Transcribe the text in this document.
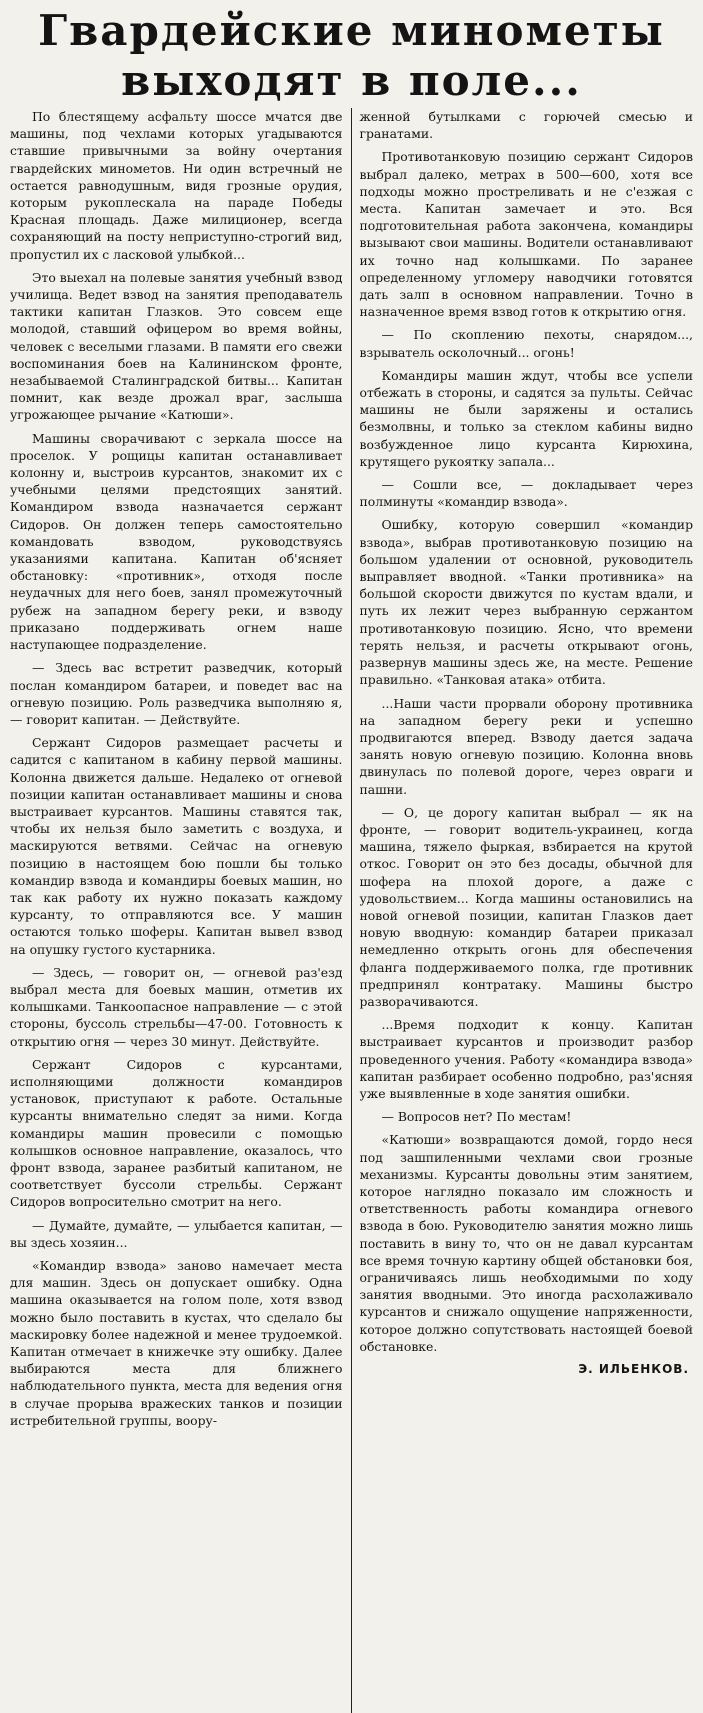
Гвардейские минометы
выходят в поле...

По блестящему асфальту шоссе мчатся две машины, под чехлами которых угадываются ставшие привычными за войну очертания гвардейских минометов. Ни один встречный не остается равнодушным, видя грозные орудия, которым рукоплескала на параде Победы Красная площадь. Даже милиционер, всегда сохраняющий на посту неприступно-строгий вид, пропустил их с ласковой улыбкой...

Это выехал на полевые занятия учебный взвод училища. Ведет взвод на занятия преподаватель тактики капитан Глазков. Это совсем еще молодой, ставший офицером во время войны, человек с веселыми глазами. В памяти его свежи воспоминания боев на Калининском фронте, незабываемой Сталинградской битвы... Капитан помнит, как везде дрожал враг, заслыша угрожающее рычание «Катюши».

Машины сворачивают с зеркала шоссе на проселок. У рощицы капитан останавливает колонну и, выстроив курсантов, знакомит их с учебными целями предстоящих занятий. Командиром взвода назначается сержант Сидоров. Он должен теперь самостоятельно командовать взводом, руководствуясь указаниями капитана. Капитан об'ясняет обстановку: «противник», отходя после неудачных для него боев, занял промежуточный рубеж на западном берегу реки, и взводу приказано поддерживать огнем наше наступающее подразделение.

— Здесь вас встретит разведчик, который послан командиром батареи, и поведет вас на огневую позицию. Роль разведчика выполняю я, — говорит капитан. — Действуйте.

Сержант Сидоров размещает расчеты и садится с капитаном в кабину первой машины. Колонна движется дальше. Недалеко от огневой позиции капитан останавливает машины и снова выстраивает курсантов. Машины ставятся так, чтобы их нельзя было заметить с воздуха, и маскируются ветвями. Сейчас на огневую позицию в настоящем бою пошли бы только командир взвода и командиры боевых машин, но так как работу их нужно показать каждому курсанту, то отправляются все. У машин остаются только шоферы. Капитан вывел взвод на опушку густого кустарника.

— Здесь, — говорит он, — огневой раз'езд выбрал места для боевых машин, отметив их колышками. Танкоопасное направление — с этой стороны, буссоль стрельбы—47-00. Готовность к открытию огня — через 30 минут. Действуйте.

Сержант Сидоров с курсантами, исполняющими должности командиров установок, приступают к работе. Остальные курсанты внимательно следят за ними. Когда командиры машин провесили с помощью колышков основное направление, оказалось, что фронт взвода, заранее разбитый капитаном, не соответствует буссоли стрельбы. Сержант Сидоров вопросительно смотрит на него.

— Думайте, думайте, — улыбается капитан, — вы здесь хозяин...

«Командир взвода» заново намечает места для машин. Здесь он допускает ошибку. Одна машина оказывается на голом поле, хотя взвод можно было поставить в кустах, что сделало бы маскировку более надежной и менее трудоемкой. Капитан отмечает в книжечке эту ошибку. Далее выбираются места для ближнего наблюдательного пункта, места для ведения огня в случае прорыва вражеских танков и позиции истребительной группы, воору-

женной бутылками с горючей смесью и гранатами.

Противотанковую позицию сержант Сидоров выбрал далеко, метрах в 500—600, хотя все подходы можно простреливать и не с'езжая с места. Капитан замечает и это. Вся подготовительная работа закончена, командиры вызывают свои машины. Водители останавливают их точно над колышками. По заранее определенному угломеру наводчики готовятся дать залп в основном направлении. Точно в назначенное время взвод готов к открытию огня.

— По скоплению пехоты, снарядом..., взрыватель осколочный... огонь!

Командиры машин ждут, чтобы все успели отбежать в стороны, и садятся за пульты. Сейчас машины не были заряжены и остались безмолвны, и только за стеклом кабины видно возбужденное лицо курсанта Кирюхина, крутящего рукоятку запала...

— Сошли все, — докладывает через полминуты «командир взвода».

Ошибку, которую совершил «командир взвода», выбрав противотанковую позицию на большом удалении от основной, руководитель выправляет вводной. «Танки противника» на большой скорости движутся по кустам вдали, и путь их лежит через выбранную сержантом противотанковую позицию. Ясно, что времени терять нельзя, и расчеты открывают огонь, развернув машины здесь же, на месте. Решение правильно. «Танковая атака» отбита.

...Наши части прорвали оборону противника на западном берегу реки и успешно продвигаются вперед. Взводу дается задача занять новую огневую позицию. Колонна вновь двинулась по полевой дороге, через овраги и пашни.

— О, це дорогу капитан выбрал — як на фронте, — говорит водитель-украинец, когда машина, тяжело фыркая, взбирается на крутой откос. Говорит он это без досады, обычной для шофера на плохой дороге, а даже с удовольствием... Когда машины остановились на новой огневой позиции, капитан Глазков дает новую вводную: командир батареи приказал немедленно открыть огонь для обеспечения фланга поддерживаемого полка, где противник предпринял контратаку. Машины быстро разворачиваются.

...Время подходит к концу. Капитан выстраивает курсантов и производит разбор проведенного учения. Работу «командира взвода» капитан разбирает особенно подробно, раз'ясняя уже выявленные в ходе занятия ошибки.

— Вопросов нет? По местам!

«Катюши» возвращаются домой, гордо неся под зашпиленными чехлами свои грозные механизмы. Курсанты довольны этим занятием, которое наглядно показало им сложность и ответственность работы командира огневого взвода в бою. Руководителю занятия можно лишь поставить в вину то, что он не давал курсантам все время точную картину общей обстановки боя, ограничиваясь лишь необходимыми по ходу занятия вводными. Это иногда расхолаживало курсантов и снижало ощущение напряженности, которое должно сопутствовать настоящей боевой обстановке.

Э. ИЛЬЕНКОВ.
